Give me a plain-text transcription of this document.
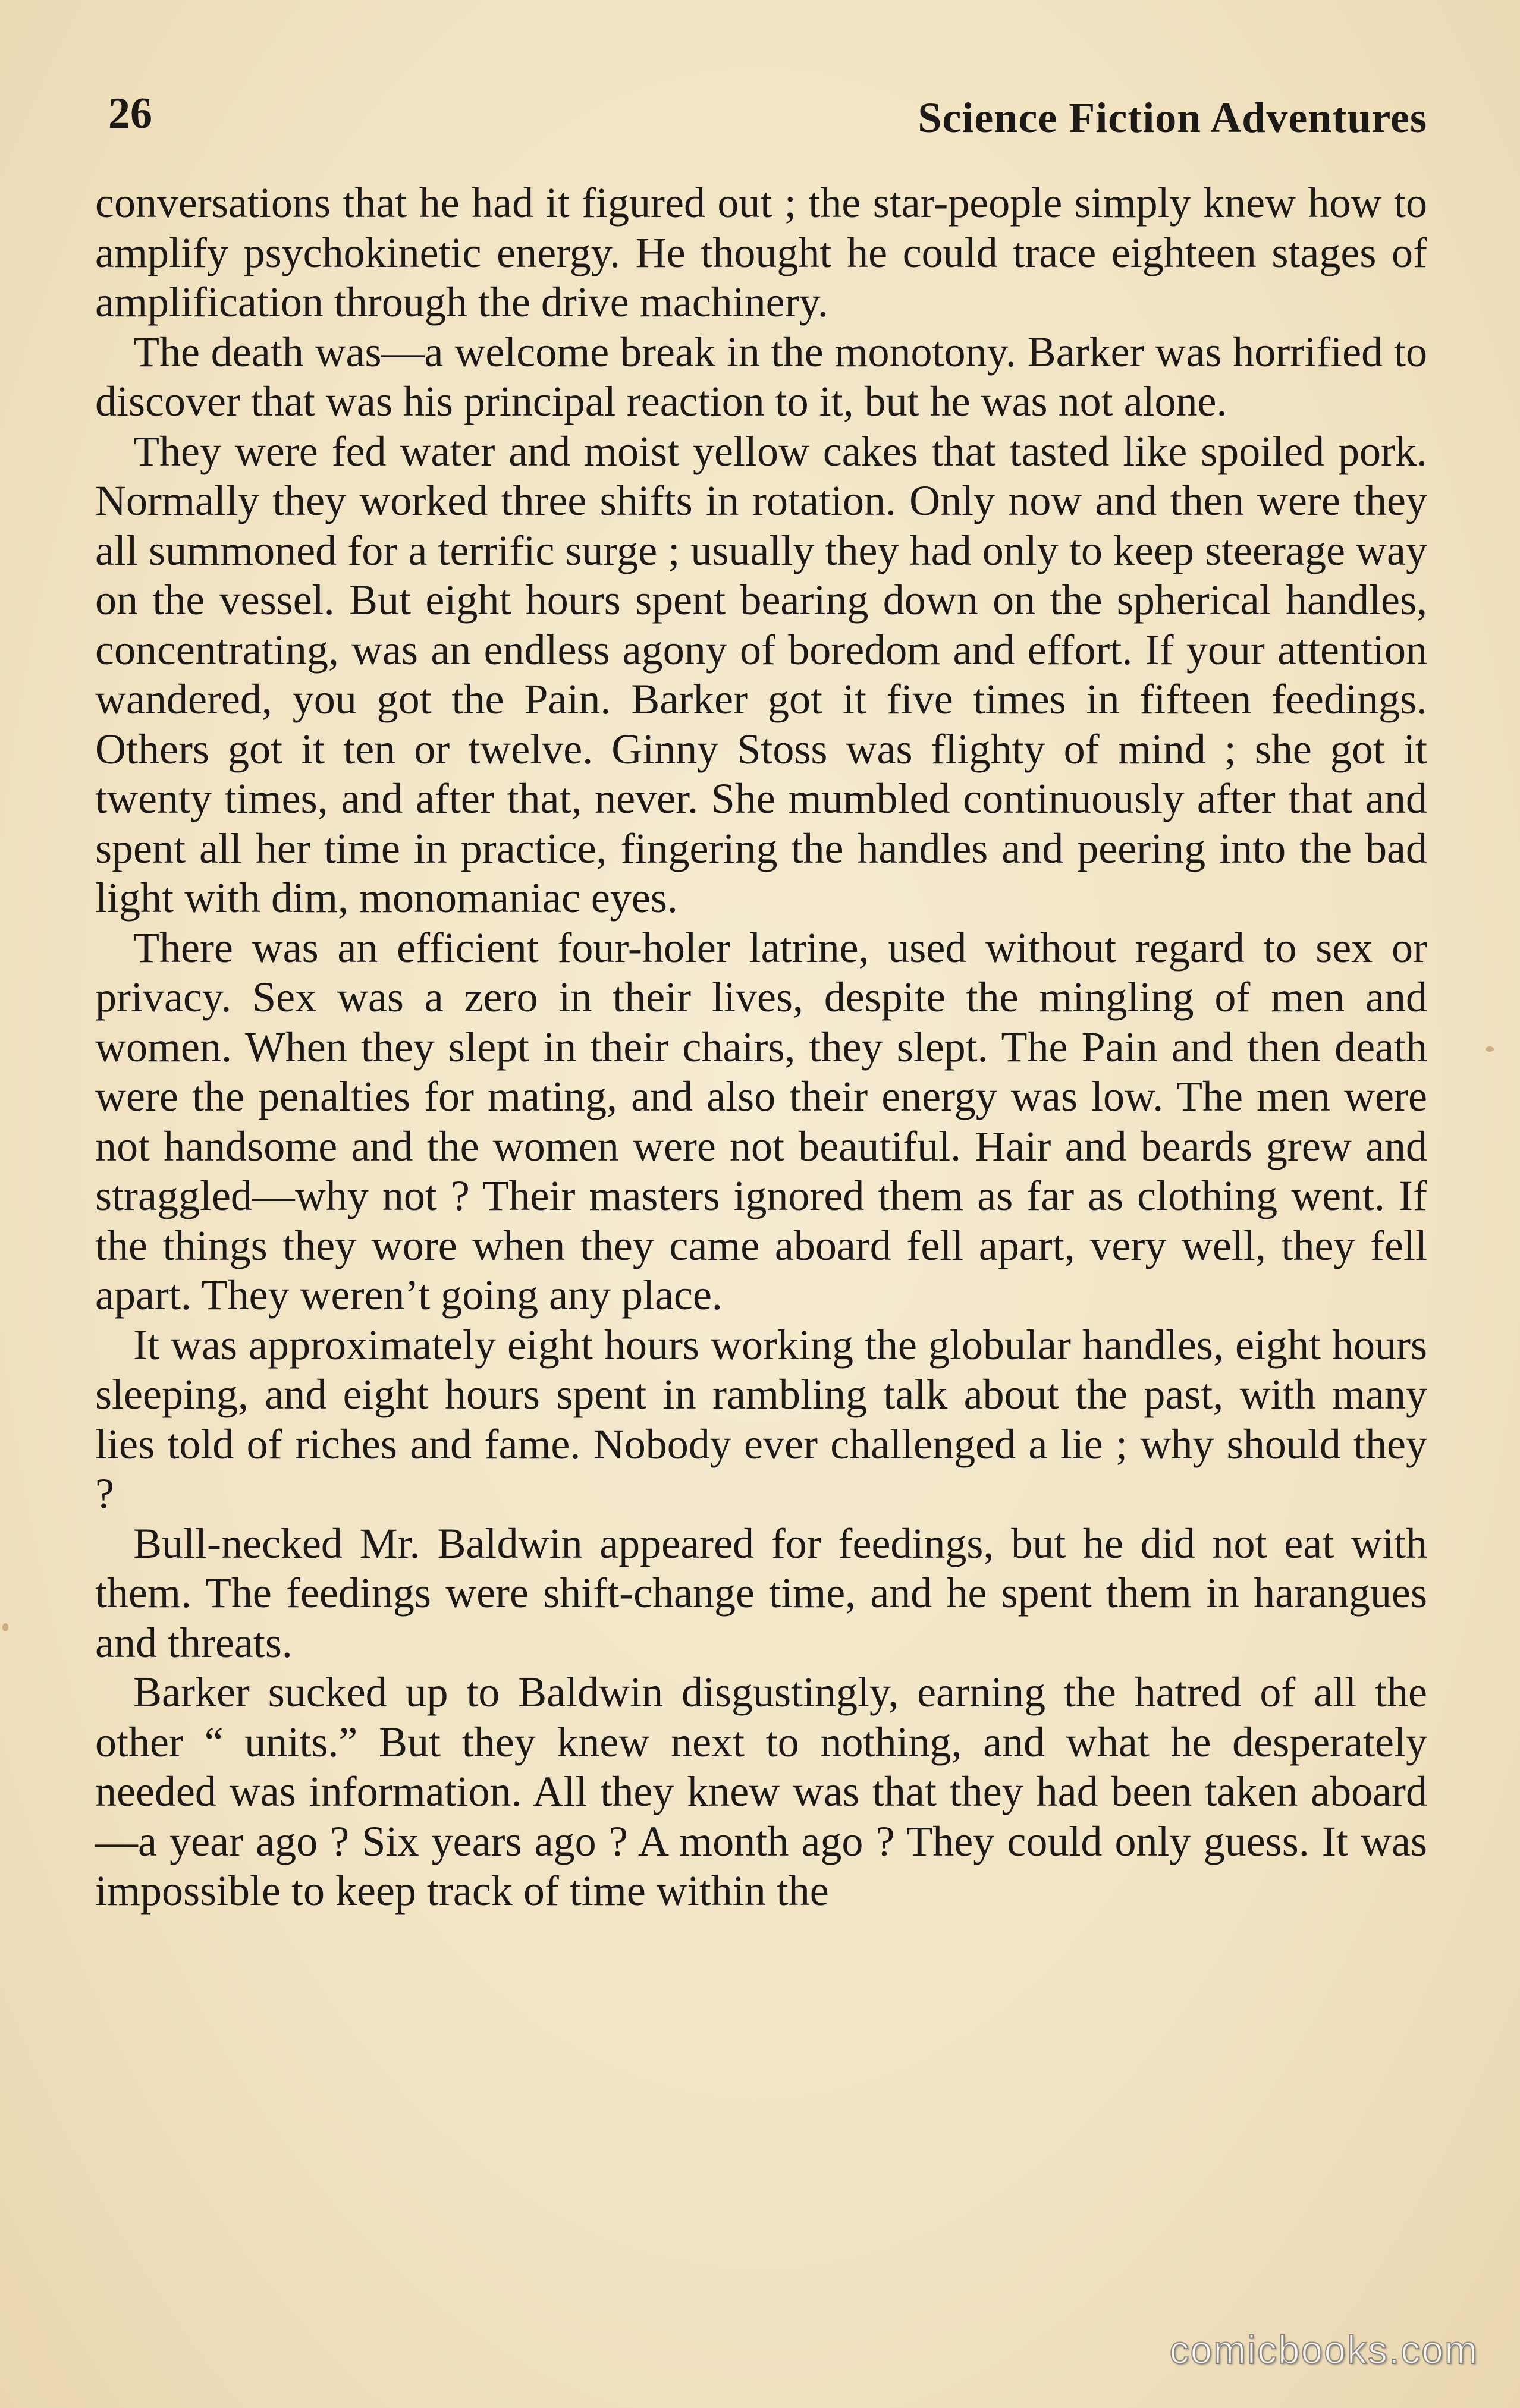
26	Science Fiction Adventures

conversations that he had it figured out ; the star-people simply knew how to amplify psychokinetic energy. He thought he could trace eighteen stages of amplification through the drive machinery.

The death was—a welcome break in the monotony. Barker was horrified to discover that was his principal reaction to it, but he was not alone.

They were fed water and moist yellow cakes that tasted like spoiled pork. Normally they worked three shifts in rotation. Only now and then were they all summoned for a terrific surge ; usually they had only to keep steerage way on the vessel. But eight hours spent bearing down on the spherical handles, concentrating, was an endless agony of boredom and effort. If your attention wandered, you got the Pain. Barker got it five times in fifteen feedings. Others got it ten or twelve. Ginny Stoss was flighty of mind ; she got it twenty times, and after that, never. She mumbled continuously after that and spent all her time in practice, fingering the handles and peering into the bad light with dim, monomaniac eyes.

There was an efficient four-holer latrine, used without regard to sex or privacy. Sex was a zero in their lives, despite the mingling of men and women. When they slept in their chairs, they slept. The Pain and then death were the penalties for mating, and also their energy was low. The men were not handsome and the women were not beautiful. Hair and beards grew and straggled—why not ? Their masters ignored them as far as clothing went. If the things they wore when they came aboard fell apart, very well, they fell apart. They weren’t going any place.

It was approximately eight hours working the globular handles, eight hours sleeping, and eight hours spent in rambling talk about the past, with many lies told of riches and fame. Nobody ever challenged a lie ; why should they ?

Bull-necked Mr. Baldwin appeared for feedings, but he did not eat with them. The feedings were shift-change time, and he spent them in harangues and threats.

Barker sucked up to Baldwin disgustingly, earning the hatred of all the other “ units.” But they knew next to nothing, and what he desperately needed was information. All they knew was that they had been taken aboard—a year ago ? Six years ago ? A month ago ? They could only guess. It was impossible to keep track of time within the

comicbooks.com
